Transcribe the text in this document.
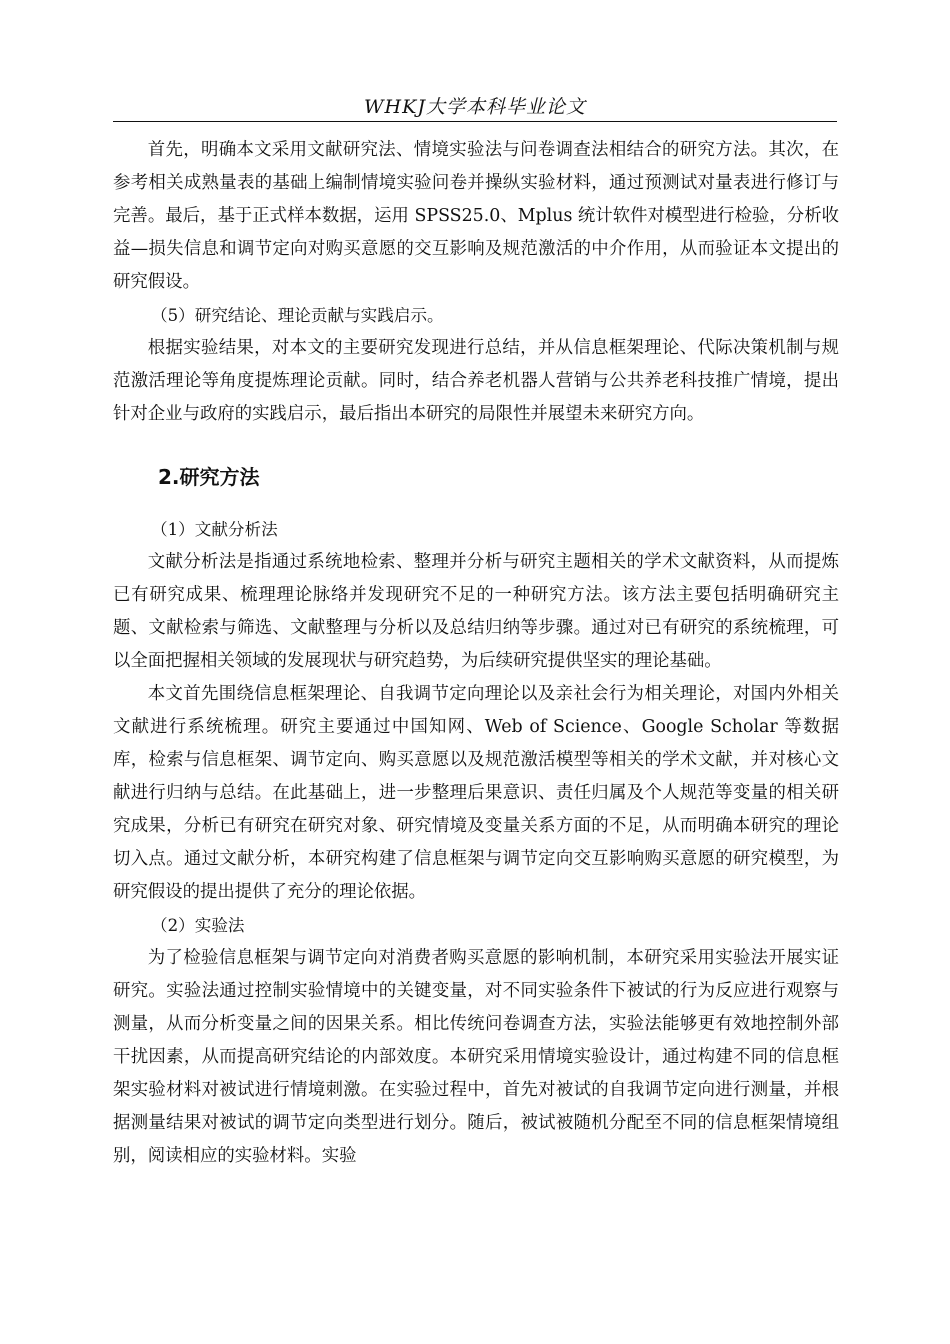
WHKJ大学本科毕业论文

首先，明确本文采用文献研究法、情境实验法与问卷调查法相结合的研究方法。其次，在参考相关成熟量表的基础上编制情境实验问卷并操纵实验材料，通过预测试对量表进行修订与完善。最后，基于正式样本数据，运用 SPSS25.0、Mplus 统计软件对模型进行检验，分析收益—损失信息和调节定向对购买意愿的交互影响及规范激活的中介作用，从而验证本文提出的研究假设。

（5）研究结论、理论贡献与实践启示。

根据实验结果，对本文的主要研究发现进行总结，并从信息框架理论、代际决策机制与规范激活理论等角度提炼理论贡献。同时，结合养老机器人营销与公共养老科技推广情境，提出针对企业与政府的实践启示，最后指出本研究的局限性并展望未来研究方向。

2.研究方法

（1）文献分析法

文献分析法是指通过系统地检索、整理并分析与研究主题相关的学术文献资料，从而提炼已有研究成果、梳理理论脉络并发现研究不足的一种研究方法。该方法主要包括明确研究主题、文献检索与筛选、文献整理与分析以及总结归纳等步骤。通过对已有研究的系统梳理，可以全面把握相关领域的发展现状与研究趋势，为后续研究提供坚实的理论基础。

本文首先围绕信息框架理论、自我调节定向理论以及亲社会行为相关理论，对国内外相关文献进行系统梳理。研究主要通过中国知网、Web of Science、Google Scholar 等数据库，检索与信息框架、调节定向、购买意愿以及规范激活模型等相关的学术文献，并对核心文献进行归纳与总结。在此基础上，进一步整理后果意识、责任归属及个人规范等变量的相关研究成果，分析已有研究在研究对象、研究情境及变量关系方面的不足，从而明确本研究的理论切入点。通过文献分析，本研究构建了信息框架与调节定向交互影响购买意愿的研究模型，为研究假设的提出提供了充分的理论依据。

（2）实验法

为了检验信息框架与调节定向对消费者购买意愿的影响机制，本研究采用实验法开展实证研究。实验法通过控制实验情境中的关键变量，对不同实验条件下被试的行为反应进行观察与测量，从而分析变量之间的因果关系。相比传统问卷调查方法，实验法能够更有效地控制外部干扰因素，从而提高研究结论的内部效度。本研究采用情境实验设计，通过构建不同的信息框架实验材料对被试进行情境刺激。在实验过程中，首先对被试的自我调节定向进行测量，并根据测量结果对被试的调节定向类型进行划分。随后，被试被随机分配至不同的信息框架情境组别，阅读相应的实验材料。实验
